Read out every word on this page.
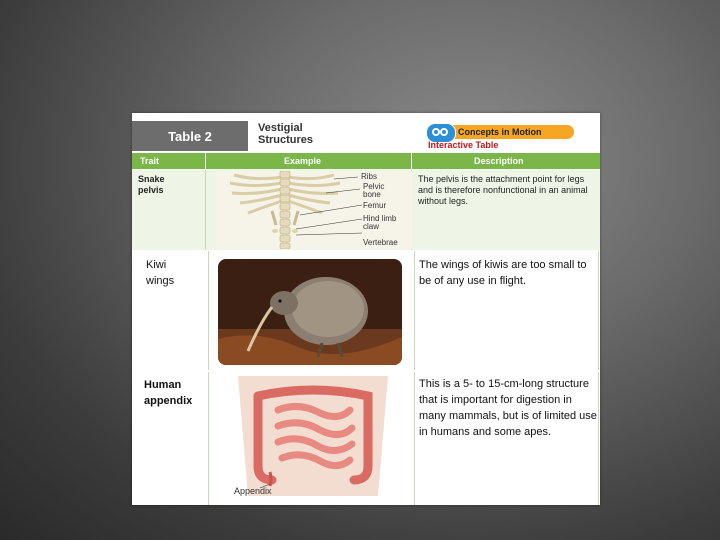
Table 2
Vestigial
Structures
Concepts in Motion
Interactive Table
Trait	Example	Description
Snake
pelvis
Ribs
Pelvic
bone
Femur
Hind limb
claw
Vertebrae
The pelvis is the attachment point for legs and is therefore nonfunctional in an animal without legs.
Kiwi
wings
The wings of kiwis are too small to be of any use in flight.
Human
appendix
Appendix
This is a 5- to 15-cm-long structure that is important for digestion in many mammals, but is of limited use in humans and some apes.
